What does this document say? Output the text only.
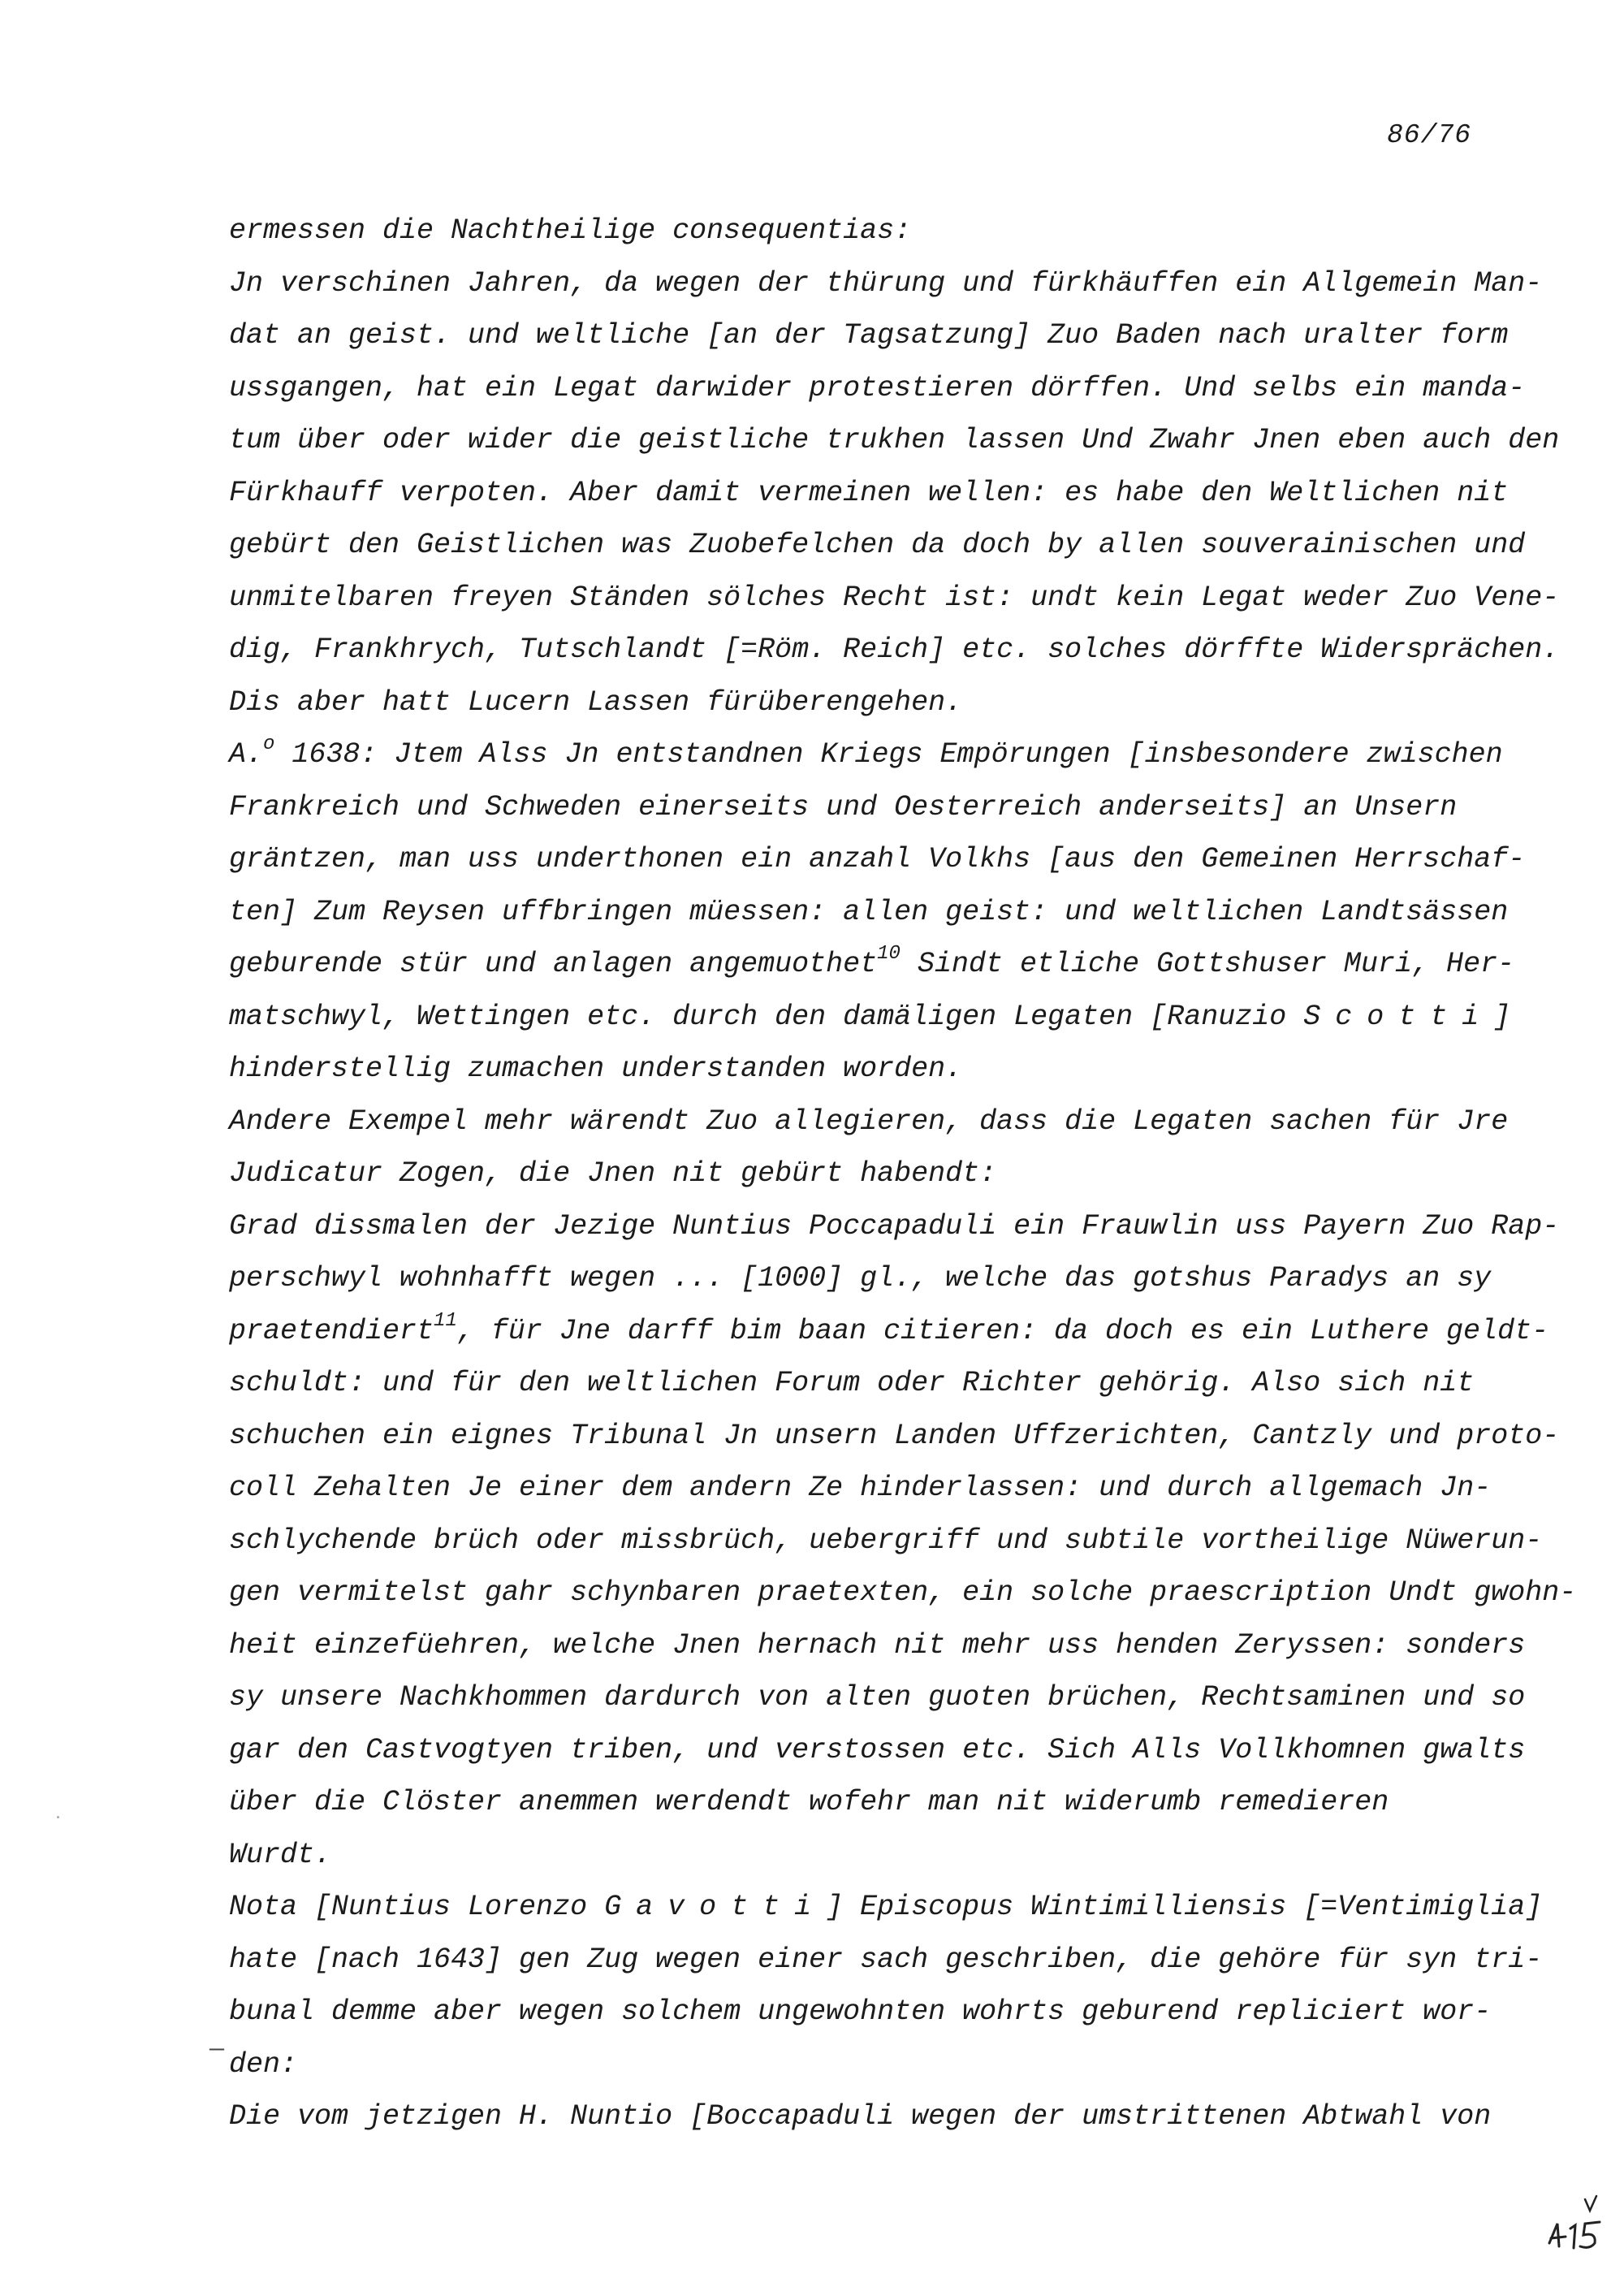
86/76
ermessen die Nachtheilige consequentias:
Jn verschinen Jahren, da wegen der thürung und fürkhäuffen ein Allgemein Man-
dat an geist. und weltliche [an der Tagsatzung] Zuo Baden nach uralter form
ussgangen, hat ein Legat darwider protestieren dörffen. Und selbs ein manda-
tum über oder wider die geistliche trukhen lassen Und Zwahr Jnen eben auch den
Fürkhauff verpoten. Aber damit vermeinen wellen: es habe den Weltlichen nit
gebürt den Geistlichen was Zuobefelchen da doch by allen souverainischen und
unmitelbaren freyen Ständen sölches Recht ist: undt kein Legat weder Zuo Vene-
dig, Frankhrych, Tutschlandt [=Röm. Reich] etc. solches dörffte Widersprächen.
Dis aber hatt Lucern Lassen fürüberengehen.
A.$^o$ 1638: Jtem Alss Jn entstandnen Kriegs Empörungen [insbesondere zwischen
Frankreich und Schweden einerseits und Oesterreich anderseits] an Unsern
gräntzen, man uss underthonen ein anzahl Volkhs [aus den Gemeinen Herrschaf-
ten] Zum Reysen uffbringen müessen: allen geist: und weltlichen Landtsässen
geburende stür und anlagen angemuothet$^{10}$ Sindt etliche Gottshuser Muri, Her-
matschwyl, Wettingen etc. durch den damäligen Legaten [Ranuzio Scotti]
hinderstellig zumachen understanden worden.
Andere Exempel mehr wärendt Zuo allegieren, dass die Legaten sachen für Jre
Judicatur Zogen, die Jnen nit gebürt habendt:
Grad dissmalen der Jezige Nuntius Poccapaduli ein Frauwlin uss Payern Zuo Rap-
perschwyl wohnhafft wegen ... [1000] gl., welche das gotshus Paradys an sy
praetendiert$^{11}$, für Jne darff bim baan citieren: da doch es ein Luthere geldt-
schuldt: und für den weltlichen Forum oder Richter gehörig. Also sich nit
schuchen ein eignes Tribunal Jn unsern Landen Uffzerichten, Cantzly und proto-
coll Zehalten Je einer dem andern Ze hinderlassen: und durch allgemach Jn-
schlychende brüch oder missbrüch, uebergriff und subtile vortheilige Nüwerun-
gen vermitelst gahr schynbaren praetexten, ein solche praescription Undt gwohn-
heit einzefüehren, welche Jnen hernach nit mehr uss henden Zeryssen: sonders
sy unsere Nachkhommen dardurch von alten guoten brüchen, Rechtsaminen und so
gar den Castvogtyen triben, und verstossen etc. Sich Alls Vollkhomnen gwalts
über die Clöster anemmen werdendt wofehr man nit widerumb remedieren
Wurdt.
Nota [Nuntius Lorenzo Gavotti] Episcopus Wintimilliensis [=Ventimiglia]
hate [nach 1643] gen Zug wegen einer sach geschriben, die gehöre für syn tri-
bunal demme aber wegen solchem ungewohnten wohrts geburend repliciert wor-
den:
Die vom jetzigen H. Nuntio [Boccapaduli wegen der umstrittenen Abtwahl von
—
